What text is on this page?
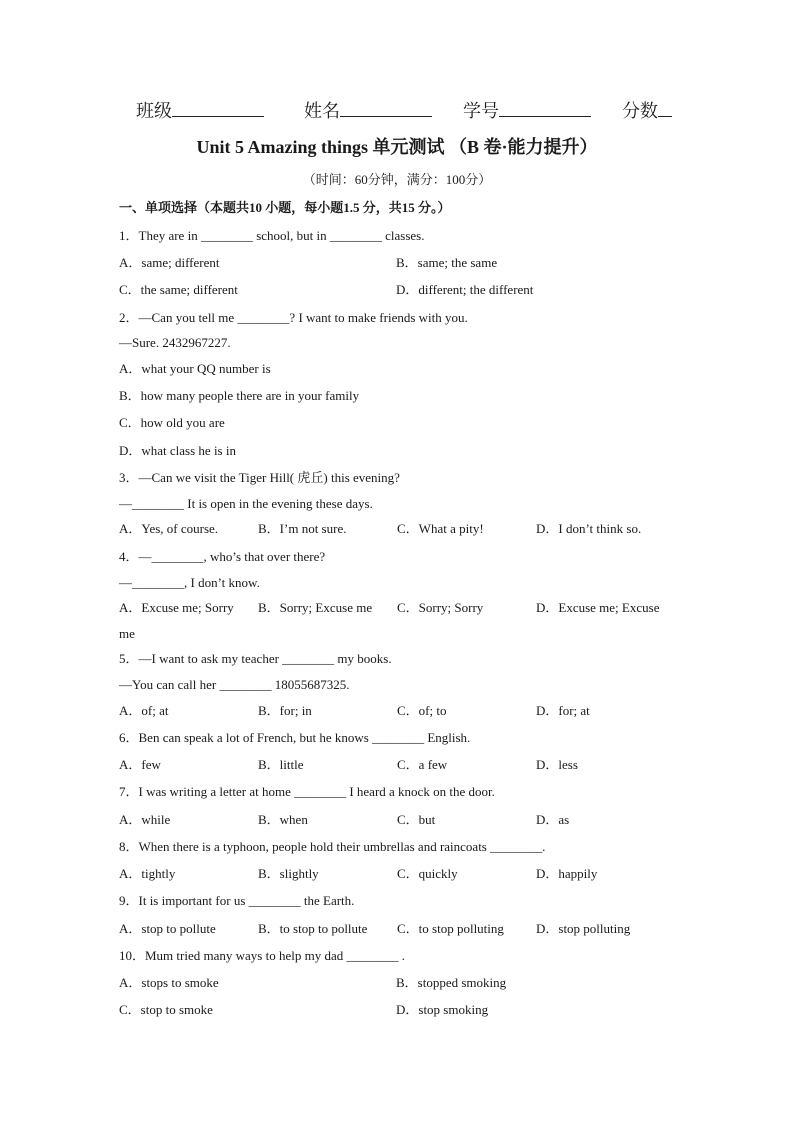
班级	姓名	学号	分数
Unit 5 Amazing things 单元测试 （B 卷·能力提升）
（时间：60分钟，满分：100分）
一、单项选择（本题共10 小题，每小题1.5 分，共15 分。）
1．They are in ________ school, but in ________ classes.
A．same; different	B．same; the same
C．the same; different	D．different; the different
2．—Can you tell me ________? I want to make friends with you.
—Sure. 2432967227.
A．what your QQ number is
B．how many people there are in your family
C．how old you are
D．what class he is in
3．—Can we visit the Tiger Hill( 虎丘) this evening?
—________ It is open in the evening these days.
A．Yes, of course.	B．I’m not sure.	C．What a pity!	D．I don’t think so.
4．—________, who’s that over there?
—________, I don’t know.
A．Excuse me; Sorry B．Sorry; Excuse me C．Sorry; Sorry	D．Excuse me; Excuse
me
5．—I want to ask my teacher ________ my books.
—You can call her ________ 18055687325.
A．of; at	B．for; in	C．of; to	D．for; at
6．Ben can speak a lot of French, but he knows ________ English.
A．few	B．little	C．a few	D．less
7．I was writing a letter at home ________ I heard a knock on the door.
A．while	B．when	C．but	D．as
8．When there is a typhoon, people hold their umbrellas and raincoats ________.
A．tightly	B．slightly	C．quickly	D．happily
9．It is important for us ________ the Earth.
A．stop to pollute	B．to stop to pollute C．to stop polluting D．stop polluting
10．Mum tried many ways to help my dad ________ .
A．stops to smoke	B．stopped smoking
C．stop to smoke	D．stop smoking
